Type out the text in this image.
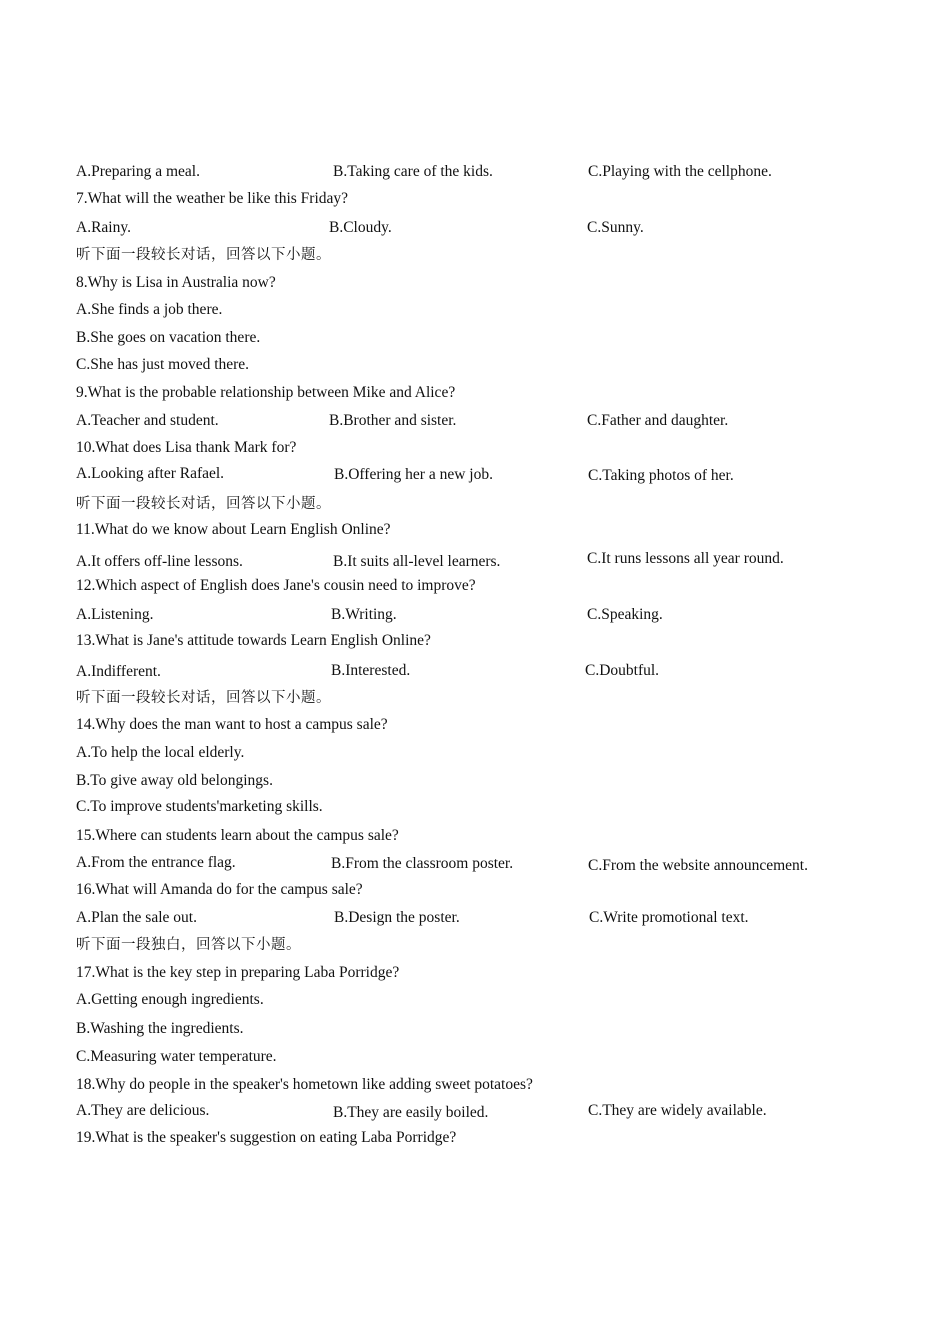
A.Preparing a meal.	B.Taking care of the kids.	C.Playing with the cellphone.
7.What will the weather be like this Friday?
A.Rainy.	B.Cloudy.	C.Sunny.
听下面一段较长对话，回答以下小题。
8.Why is Lisa in Australia now?
A.She finds a job there.
B.She goes on vacation there.
C.She has just moved there.
9.What is the probable relationship between Mike and Alice?
A.Teacher and student.	B.Brother and sister.	C.Father and daughter.
10.What does Lisa thank Mark for?
A.Looking after Rafael.	B.Offering her a new job.	C.Taking photos of her.
听下面一段较长对话，回答以下小题。
11.What do we know about Learn English Online?
A.It offers off-line lessons.	B.It suits all-level learners.	C.It runs lessons all year round.
12.Which aspect of English does Jane's cousin need to improve?
A.Listening.	B.Writing.	C.Speaking.
13.What is Jane's attitude towards Learn English Online?
A.Indifferent.	B.Interested.	C.Doubtful.
听下面一段较长对话，回答以下小题。
14.Why does the man want to host a campus sale?
A.To help the local elderly.
B.To give away old belongings.
C.To improve students'marketing skills.
15.Where can students learn about the campus sale?
A.From the entrance flag.	B.From the classroom poster.	C.From the website announcement.
16.What will Amanda do for the campus sale?
A.Plan the sale out.	B.Design the poster.	C.Write promotional text.
听下面一段独白，回答以下小题。
17.What is the key step in preparing Laba Porridge?
A.Getting enough ingredients.
B.Washing the ingredients.
C.Measuring water temperature.
18.Why do people in the speaker's hometown like adding sweet potatoes?
A.They are delicious.	B.They are easily boiled.	C.They are widely available.
19.What is the speaker's suggestion on eating Laba Porridge?
